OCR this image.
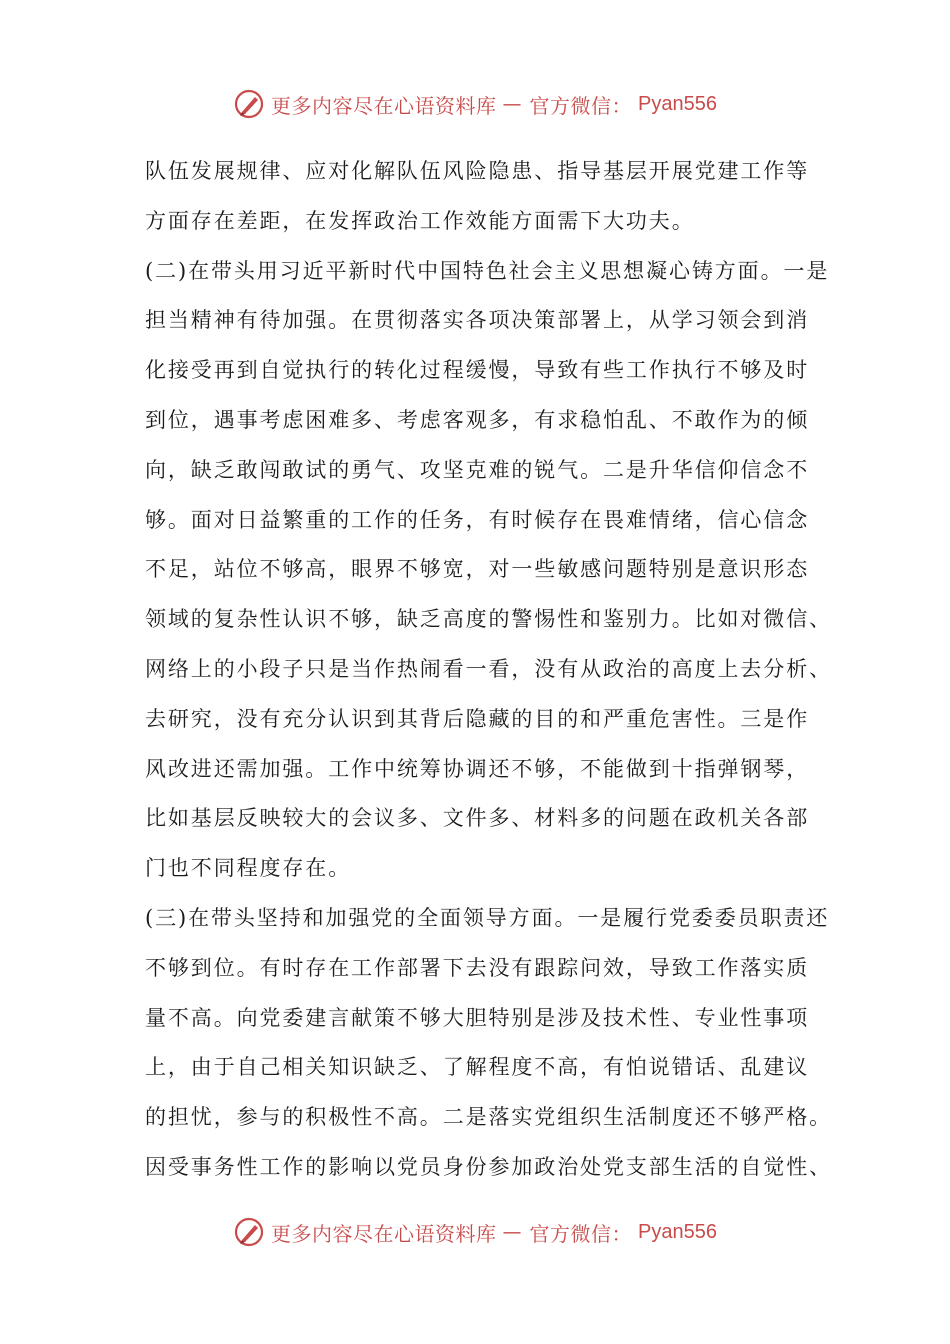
更多内容尽在心语资料库 — 官方微信： Pyan556
队伍发展规律、应对化解队伍风险隐患、指导基层开展党建工作等
方面存在差距，在发挥政治工作效能方面需下大功夫。
(二)在带头用习近平新时代中国特色社会主义思想凝心铸方面。一是
担当精神有待加强。在贯彻落实各项决策部署上，从学习领会到消
化接受再到自觉执行的转化过程缓慢，导致有些工作执行不够及时
到位，遇事考虑困难多、考虑客观多，有求稳怕乱、不敢作为的倾
向，缺乏敢闯敢试的勇气、攻坚克难的锐气。二是升华信仰信念不
够。面对日益繁重的工作的任务，有时候存在畏难情绪，信心信念
不足，站位不够高，眼界不够宽，对一些敏感问题特别是意识形态
领域的复杂性认识不够，缺乏高度的警惕性和鉴别力。比如对微信、
网络上的小段子只是当作热闹看一看，没有从政治的高度上去分析、
去研究，没有充分认识到其背后隐藏的目的和严重危害性。三是作
风改进还需加强。工作中统筹协调还不够，不能做到十指弹钢琴，
比如基层反映较大的会议多、文件多、材料多的问题在政机关各部
门也不同程度存在。
(三)在带头坚持和加强党的全面领导方面。一是履行党委委员职责还
不够到位。有时存在工作部署下去没有跟踪问效，导致工作落实质
量不高。向党委建言献策不够大胆特别是涉及技术性、专业性事项
上，由于自己相关知识缺乏、了解程度不高，有怕说错话、乱建议
的担忧，参与的积极性不高。二是落实党组织生活制度还不够严格。
因受事务性工作的影响以党员身份参加政治处党支部生活的自觉性、
更多内容尽在心语资料库 — 官方微信： Pyan556
